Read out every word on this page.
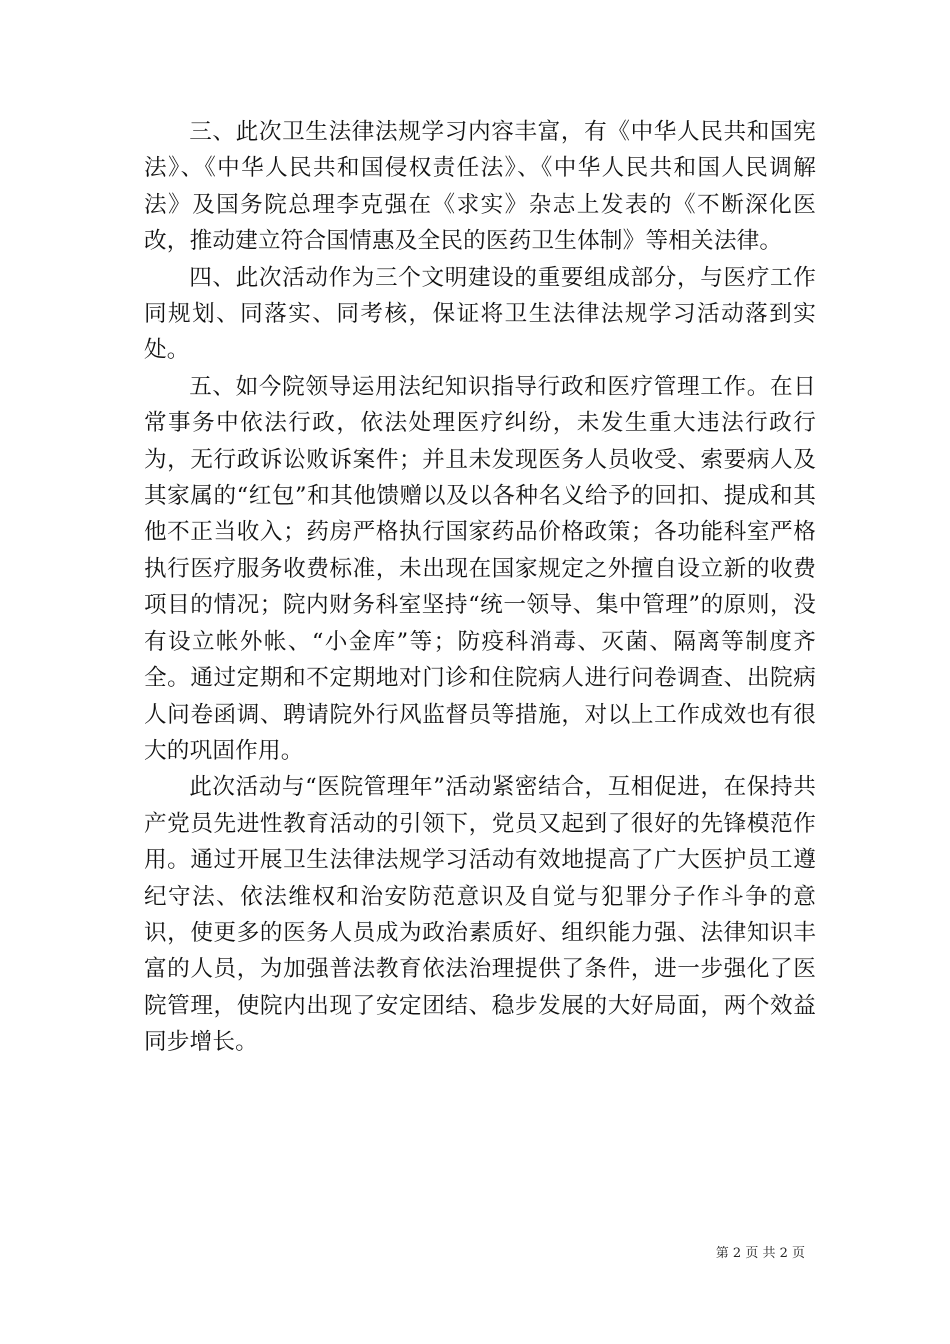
三、此次卫生法律法规学习内容丰富，有《中华人民共和国宪法》、《中华人民共和国侵权责任法》、《中华人民共和国人民调解法》及国务院总理李克强在《求实》杂志上发表的《不断深化医改，推动建立符合国情惠及全民的医药卫生体制》等相关法律。

四、此次活动作为三个文明建设的重要组成部分，与医疗工作同规划、同落实、同考核，保证将卫生法律法规学习活动落到实处。

五、如今院领导运用法纪知识指导行政和医疗管理工作。在日常事务中依法行政，依法处理医疗纠纷，未发生重大违法行政行为，无行政诉讼败诉案件；并且未发现医务人员收受、索要病人及其家属的“红包”和其他馈赠以及以各种名义给予的回扣、提成和其他不正当收入；药房严格执行国家药品价格政策；各功能科室严格执行医疗服务收费标准，未出现在国家规定之外擅自设立新的收费项目的情况；院内财务科室坚持“统一领导、集中管理”的原则，没有设立帐外帐、“小金库”等；防疫科消毒、灭菌、隔离等制度齐全。通过定期和不定期地对门诊和住院病人进行问卷调查、出院病人问卷函调、聘请院外行风监督员等措施，对以上工作成效也有很大的巩固作用。

此次活动与“医院管理年”活动紧密结合，互相促进，在保持共产党员先进性教育活动的引领下，党员又起到了很好的先锋模范作用。通过开展卫生法律法规学习活动有效地提高了广大医护员工遵纪守法、依法维权和治安防范意识及自觉与犯罪分子作斗争的意识，使更多的医务人员成为政治素质好、组织能力强、法律知识丰富的人员，为加强普法教育依法治理提供了条件，进一步强化了医院管理，使院内出现了安定团结、稳步发展的大好局面，两个效益同步增长。

第 2 页 共 2 页
